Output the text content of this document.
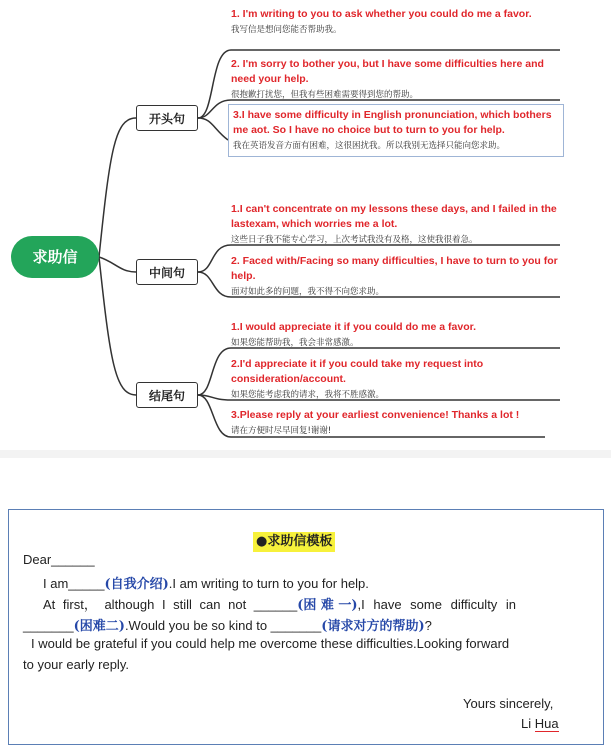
求助信
开头句
中间句
结尾句
1. I'm writing to you to ask whether you could do me a favor.
我写信是想问您能否帮助我。
2. I'm sorry to bother you, but I have some difficulties here and need your help.
很抱歉打扰您，但我有些困难需要得到您的帮助。
3.I have some difficulty in English pronunciation, which bothers me aot. So I have no choice but to turn to you for help.
我在英语发音方面有困难，这很困扰我。所以我别无选择只能向您求助。
1.I can't concentrate on my lessons these days, and I failed in the lastexam, which worries me a lot.
这些日子我不能专心学习，上次考试我没有及格，这使我很着急。
2. Faced with/Facing so many difficulties, I have to turn to you for help.
面对如此多的问题，我不得不向您求助。
1.I would appreciate it if you could do me a favor.
如果您能帮助我，我会非常感激。
2.I'd appreciate it if you could take my request into consideration/account.
如果您能考虑我的请求，我将不胜感激。
3.Please reply at your earliest convenience! Thanks a lot !
请在方便时尽早回复!谢谢!
●求助信模板
Dear______
I am_____(自我介绍).I am writing to turn to you for help.
At first， although I still can not ______(困 难 一),I have some difficulty in
_______(困难二).Would you be so kind to _______(请求对方的帮助)?
I would be grateful if you could help me overcome these difficulties.Looking forward
to your early reply.
Yours sincerely,
Li Hua
